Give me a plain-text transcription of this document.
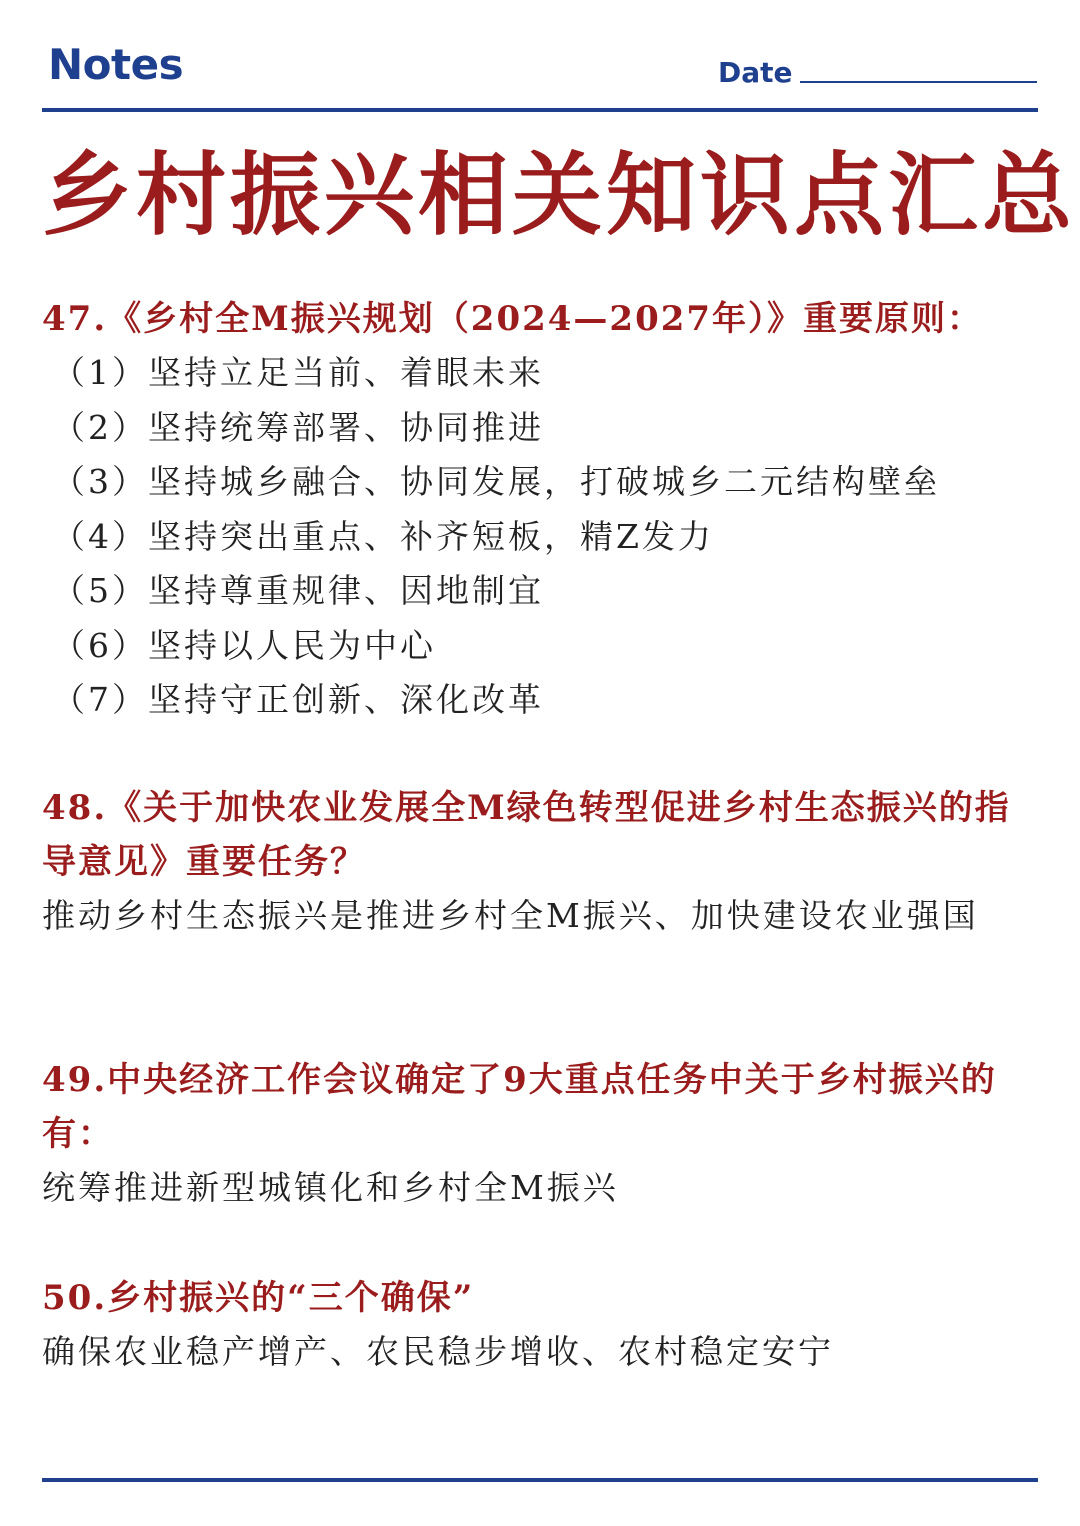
Notes	Date
乡村振兴相关知识点汇总
47.《乡村全M振兴规划（2024—2027年）》重要原则：
（1）坚持立足当前、着眼未来
（2）坚持统筹部署、协同推进
（3）坚持城乡融合、协同发展，打破城乡二元结构壁垒
（4）坚持突出重点、补齐短板，精Z发力
（5）坚持尊重规律、因地制宜
（6）坚持以人民为中心
（7）坚持守正创新、深化改革
48.《关于加快农业发展全M绿色转型促进乡村生态振兴的指导意见》重要任务？
推动乡村生态振兴是推进乡村全M振兴、加快建设农业强国
49.中央经济工作会议确定了9大重点任务中关于乡村振兴的有：
统筹推进新型城镇化和乡村全M振兴
50.乡村振兴的“三个确保”
确保农业稳产增产、农民稳步增收、农村稳定安宁
